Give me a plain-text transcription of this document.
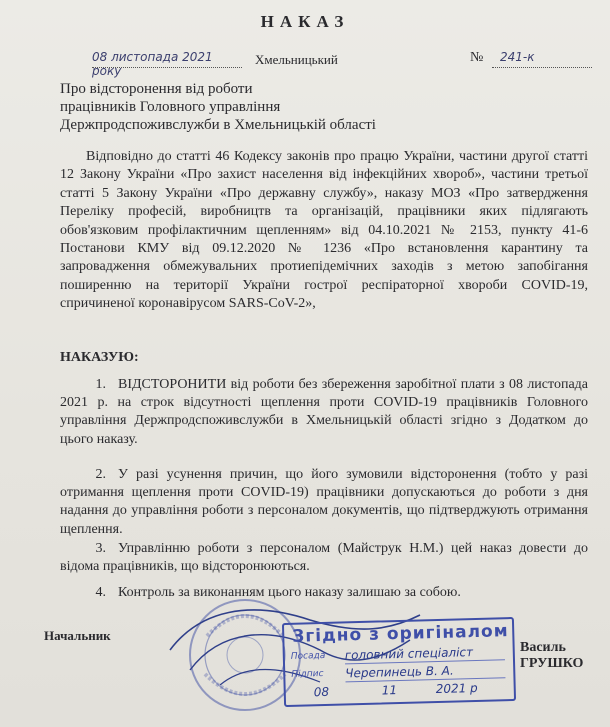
НАКАЗ
08 листопада 2021 року
Хмельницький	№ 241-к
Про відсторонення від роботи
працівників Головного управління
Держпродспоживслужби в Хмельницькій області
Відповідно до статті 46 Кодексу законів про працю України, частини другої статті 12 Закону України «Про захист населення від інфекційних хвороб», частини третьої статті 5 Закону України «Про державну службу», наказу МОЗ «Про затвердження Переліку професій, виробництв та організацій, працівники яких підлягають обов'язковим профілактичним щепленням» від 04.10.2021 № 2153, пункту 41-6 Постанови КМУ від 09.12.2020 № 1236 «Про встановлення карантину та запровадження обмежувальних протиепідемічних заходів з метою запобігання поширенню на території України гострої респіраторної хвороби COVID-19, спричиненої коронавірусом SARS-CoV-2»,
НАКАЗУЮ:
1. ВІДСТОРОНИТИ від роботи без збереження заробітної плати з 08 листопада 2021 р. на строк відсутності щеплення проти COVID-19 працівників Головного управління Держпродспоживслужби в Хмельницькій області згідно з Додатком до цього наказу.
2. У разі усунення причин, що його зумовили відсторонення (тобто у разі отримання щеплення проти COVID-19) працівники допускаються до роботи з дня надання до управління роботи з персоналом документів, що підтверджують отримання щеплення.
3. Управлінню роботи з персоналом (Майструк Н.М.) цей наказ довести до відома працівників, що відсторонюються.
4. Контроль за виконанням цього наказу залишаю за собою.
Начальник
Василь ГРУШКО
Згідно з оригіналом
Посада головний спеціаліст
Підпис Черепинець В. А.
08	11	2021 р
